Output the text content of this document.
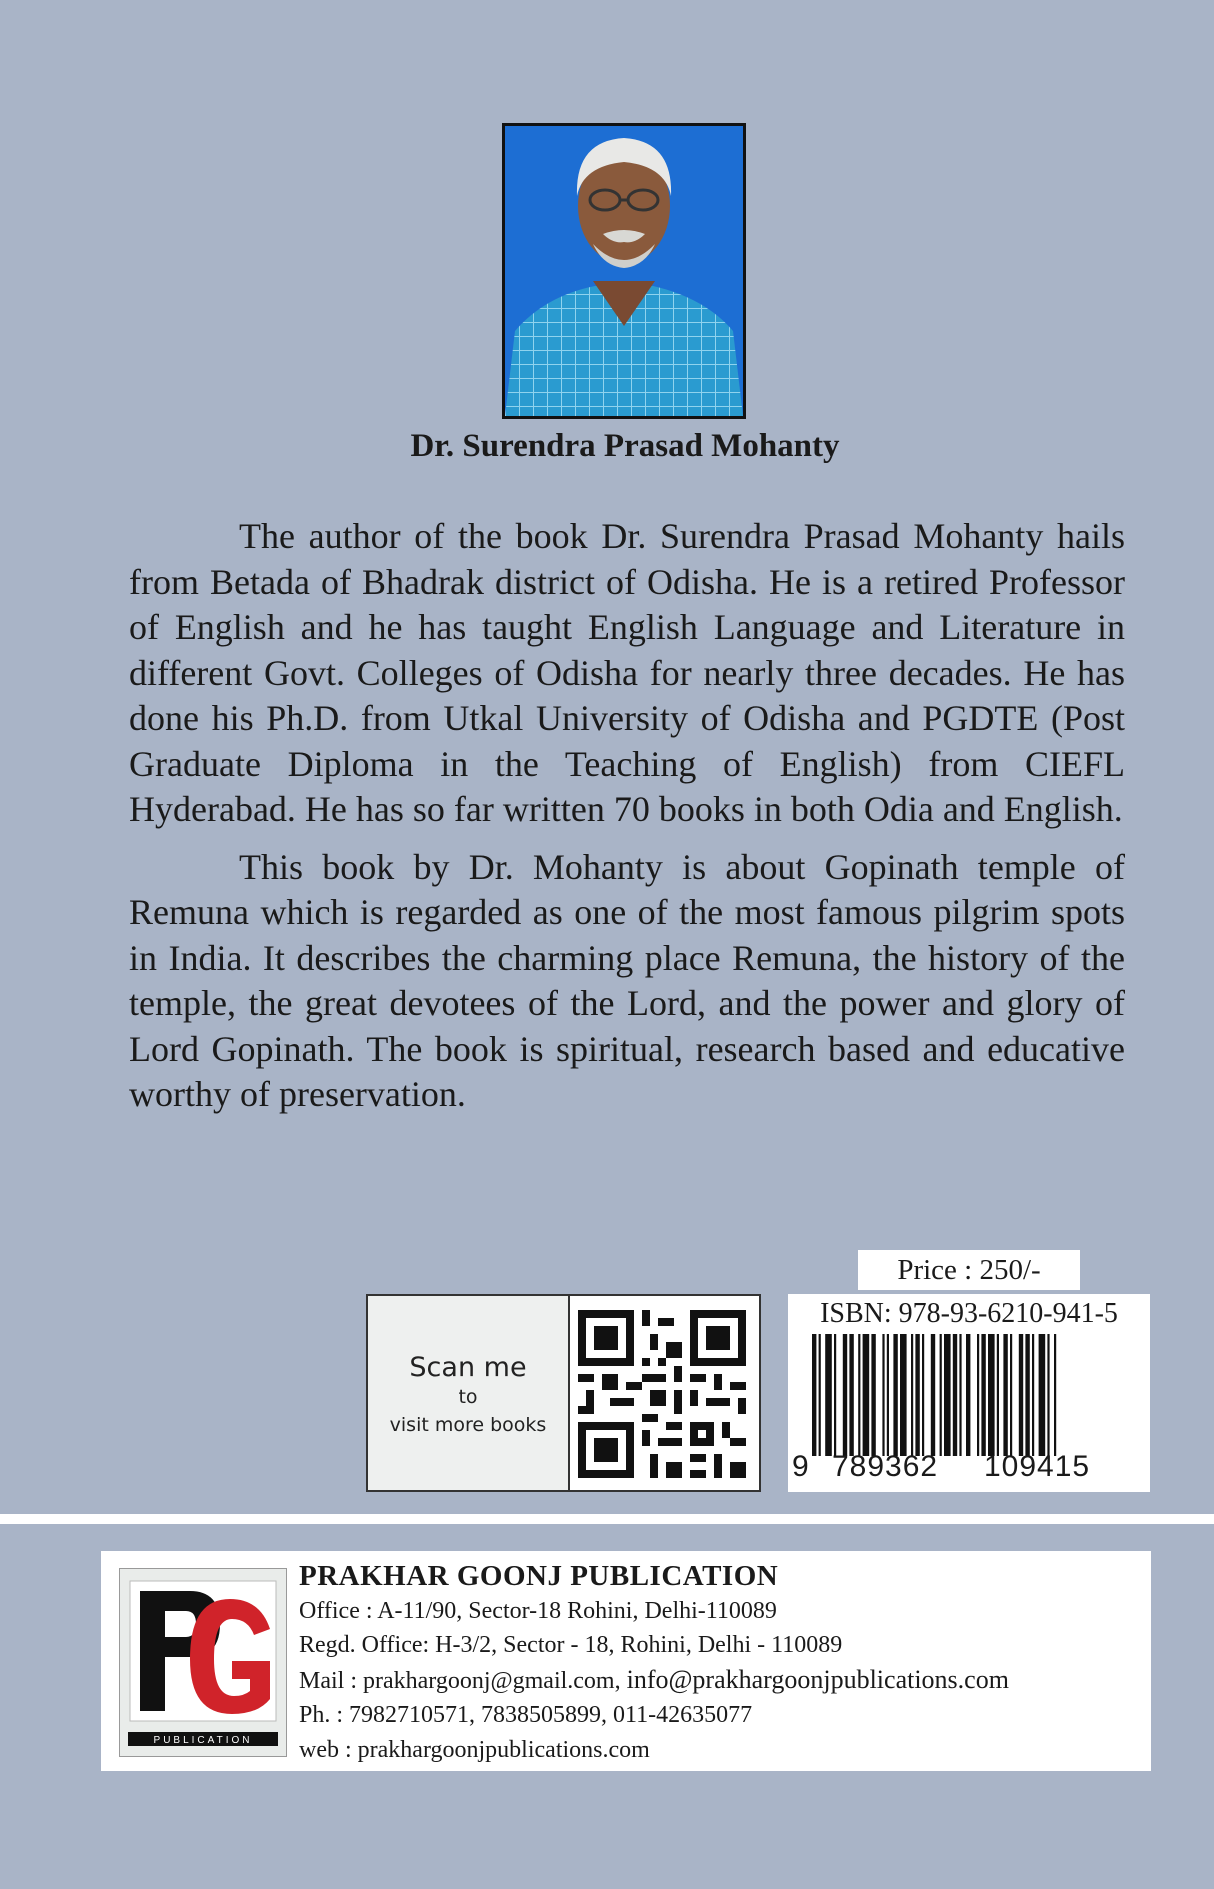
Dr. Surendra Prasad Mohanty

The author of the book Dr. Surendra Prasad Mohanty hails from Betada of Bhadrak district of Odisha. He is a retired Professor of English and he has taught English Language and Literature in different Govt. Colleges of Odisha for nearly three decades. He has done his Ph.D. from Utkal University of Odisha and PGDTE (Post Graduate Diploma in the Teaching of English) from CIEFL Hyderabad. He has so far written 70 books in both Odia and English.

This book by Dr. Mohanty is about Gopinath temple of Remuna which is regarded as one of the most famous pilgrim spots in India. It describes the charming place Remuna, the history of the temple, the great devotees of the Lord, and the power and glory of Lord Gopinath. The book is spiritual, research based and educative worthy of preservation.

Price : 250/-
Scan me
to
visit more books
ISBN: 978-93-6210-941-5
9 789362 109415
PUBLICATION
PRAKHAR GOONJ PUBLICATION
Office : A-11/90, Sector-18 Rohini, Delhi-110089
Regd. Office: H-3/2, Sector - 18, Rohini, Delhi - 110089
Mail : prakhargoonj@gmail.com, info@prakhargoonjpublications.com
Ph. : 7982710571, 7838505899, 011-42635077
web : prakhargoonjpublications.com
